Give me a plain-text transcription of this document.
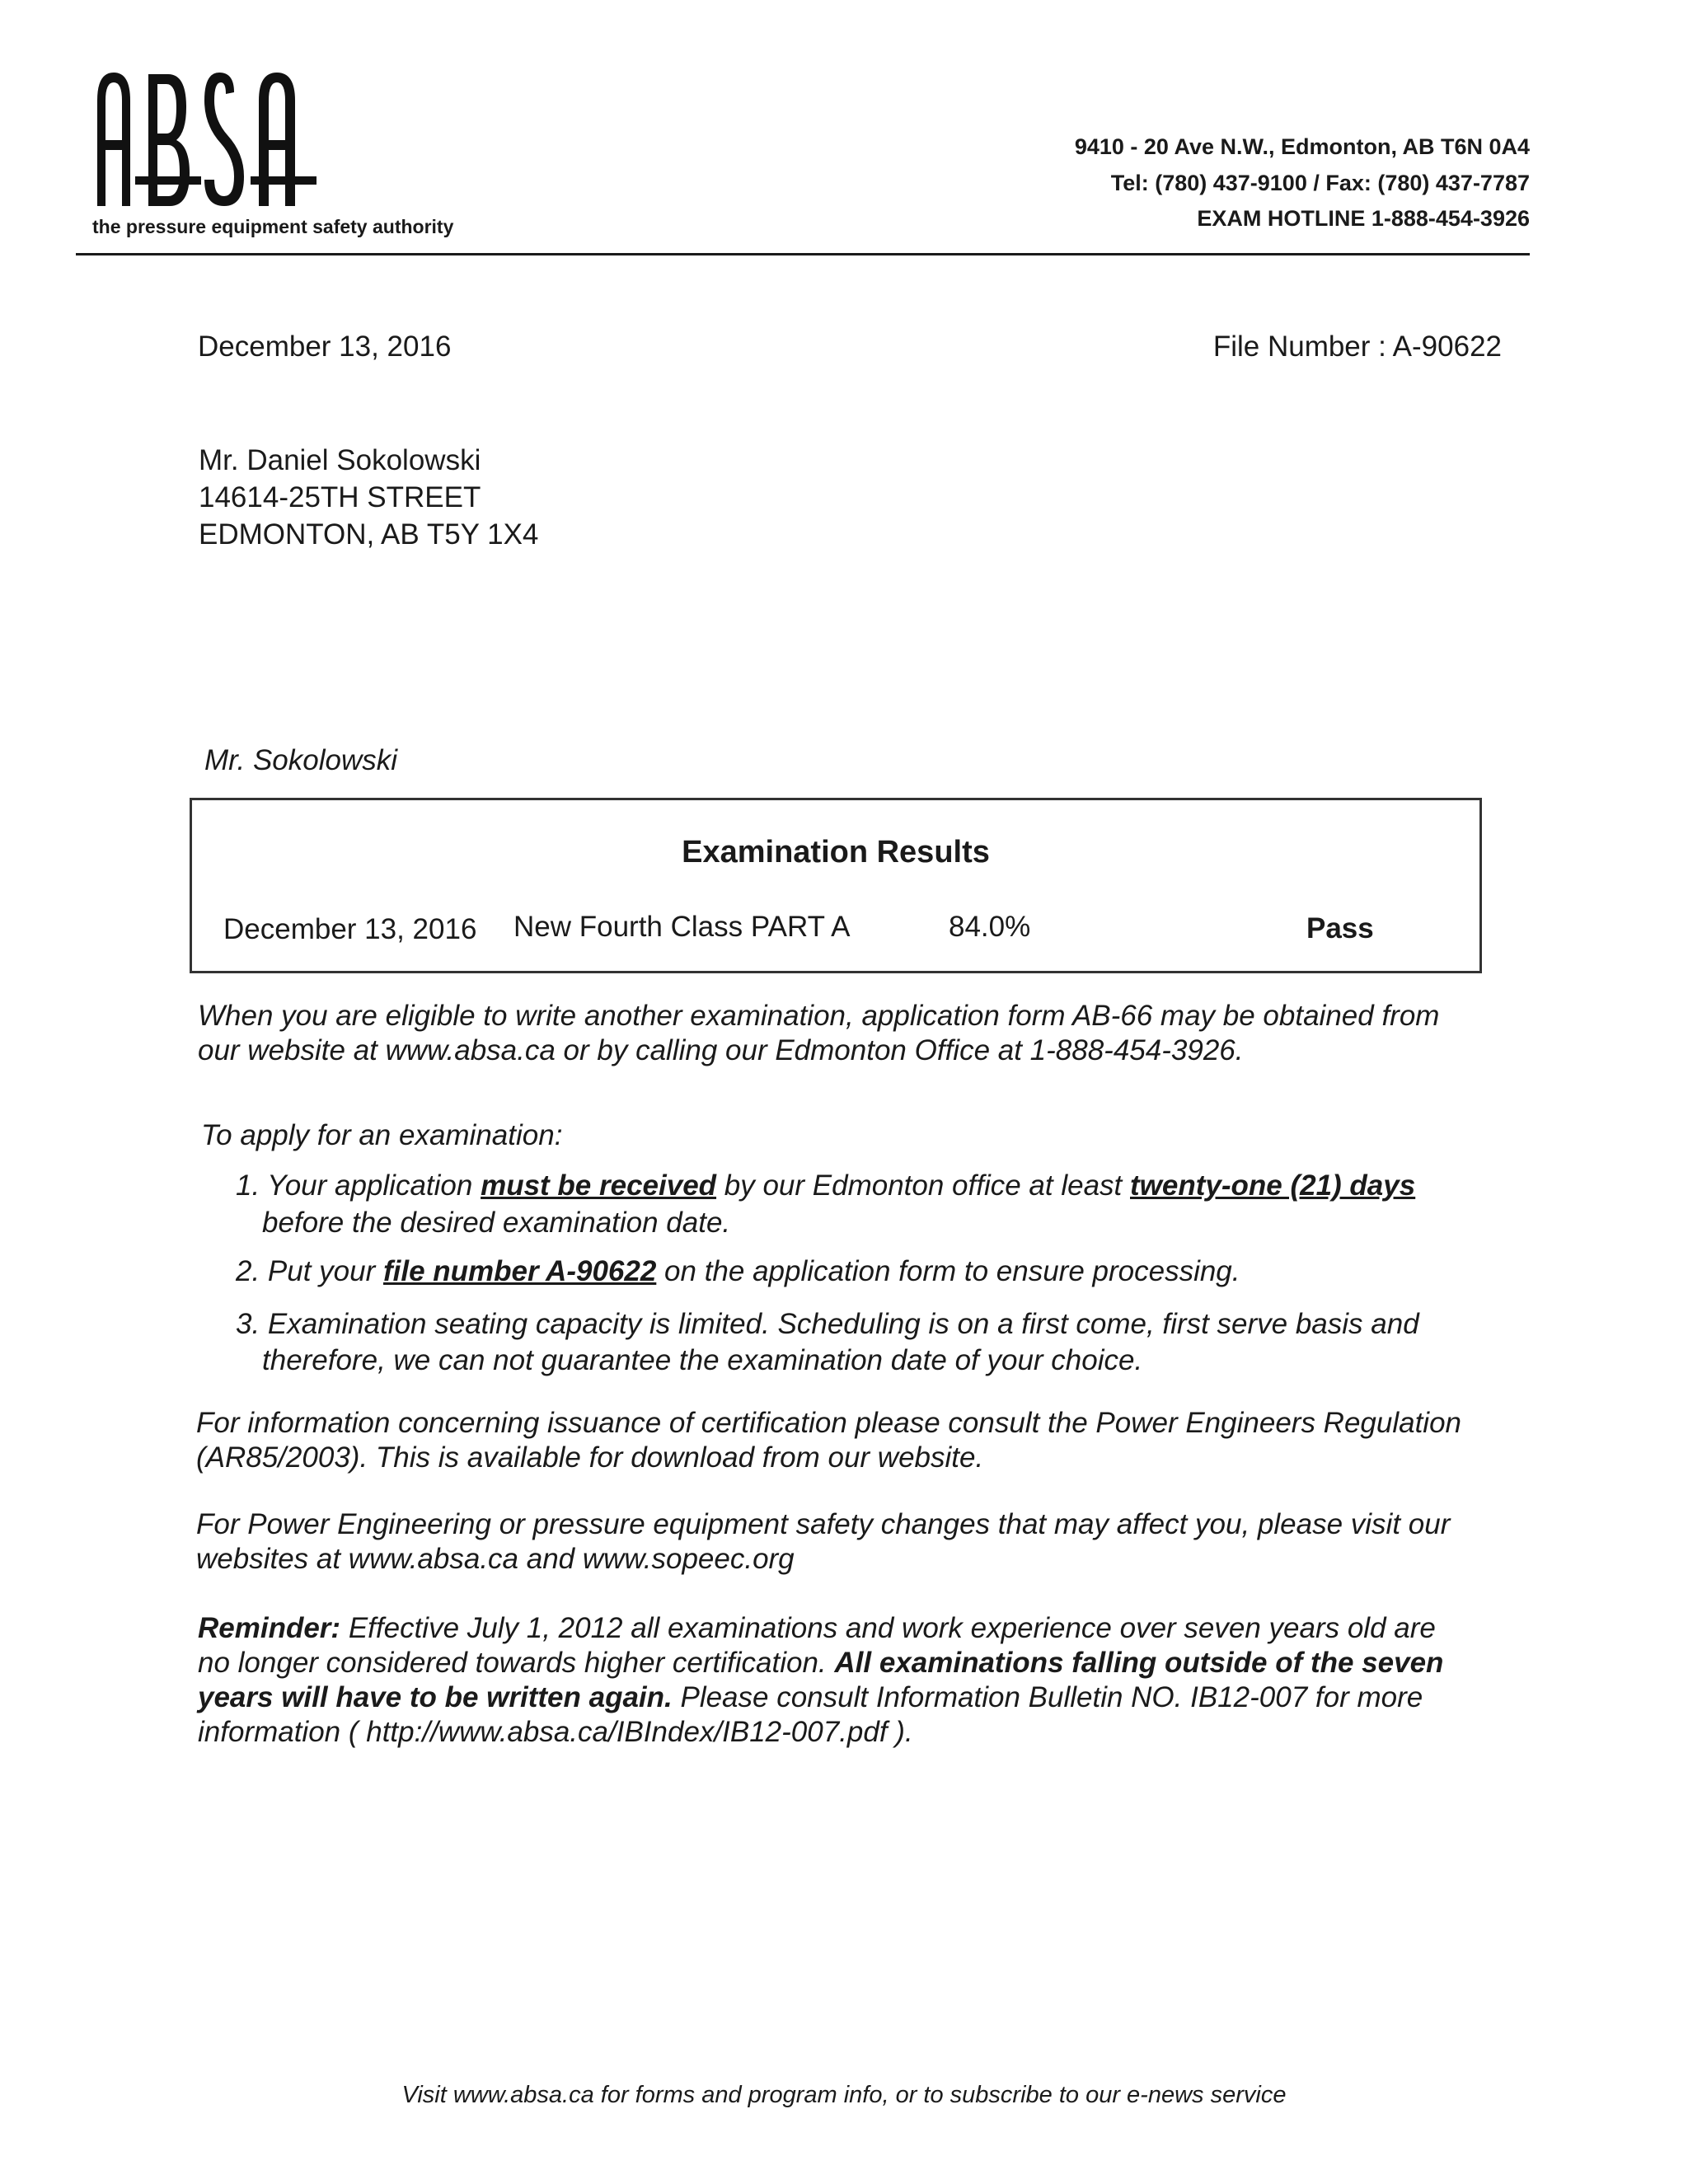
the pressure equipment safety authority
9410 - 20 Ave N.W., Edmonton, AB T6N 0A4
Tel: (780) 437-9100 / Fax: (780) 437-7787
EXAM HOTLINE 1-888-454-3926
December 13, 2016	File Number : A-90622
Mr. Daniel Sokolowski
14614-25TH STREET
EDMONTON, AB T5Y 1X4
Mr. Sokolowski
Examination Results
December 13, 2016 New Fourth Class PART A	84.0%	Pass
When you are eligible to write another examination, application form AB-66 may be obtained from
our website at www.absa.ca or by calling our Edmonton Office at 1-888-454-3926.
To apply for an examination:
1. Your application must be received by our Edmonton office at least twenty-one (21) days
before the desired examination date.
2. Put your file number A-90622 on the application form to ensure processing.
3. Examination seating capacity is limited. Scheduling is on a first come, first serve basis and
therefore, we can not guarantee the examination date of your choice.
For information concerning issuance of certification please consult the Power Engineers Regulation
(AR85/2003). This is available for download from our website.
For Power Engineering or pressure equipment safety changes that may affect you, please visit our
websites at www.absa.ca and www.sopeec.org
Reminder: Effective July 1, 2012 all examinations and work experience over seven years old are
no longer considered towards higher certification. All examinations falling outside of the seven
years will have to be written again. Please consult Information Bulletin NO. IB12-007 for more
information ( http://www.absa.ca/IBIndex/IB12-007.pdf ).
Visit www.absa.ca for forms and program info, or to subscribe to our e-news service
